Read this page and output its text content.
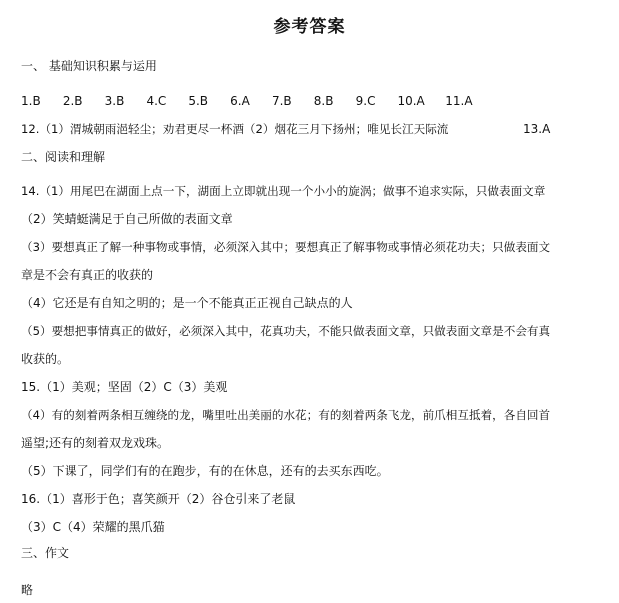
参考答案
一、 基础知识积累与运用
1.B 2.B 3.B 4.C 5.B 6.A 7.B 8.B 9.C 10.A 11.A
12.（1）渭城朝雨浥轻尘；劝君更尽一杯酒（2）烟花三月下扬州；唯见长江天际流	13.A
二、阅读和理解
14.（1）用尾巴在湖面上点一下，湖面上立即就出现一个小小的旋涡；做事不追求实际，只做表面文章
（2）笑蜻蜓满足于自己所做的表面文章
（3）要想真正了解一种事物或事情，必须深入其中；要想真正了解事物或事情必须花功夫；只做表面文
章是不会有真正的收获的
（4）它还是有自知之明的；是一个不能真正正视自己缺点的人
（5）要想把事情真正的做好，必须深入其中，花真功夫，不能只做表面文章，只做表面文章是不会有真
收获的。
15.（1）美观；坚固（2）C（3）美观
（4）有的刻着两条相互缠绕的龙，嘴里吐出美丽的水花；有的刻着两条飞龙，前爪相互抵着，各自回首
遥望;还有的刻着双龙戏珠。
（5）下课了，同学们有的在跑步，有的在休息，还有的去买东西吃。
16.（1）喜形于色；喜笑颜开（2）谷仓引来了老鼠
（3）C（4）荣耀的黑爪猫
三、作文
略
